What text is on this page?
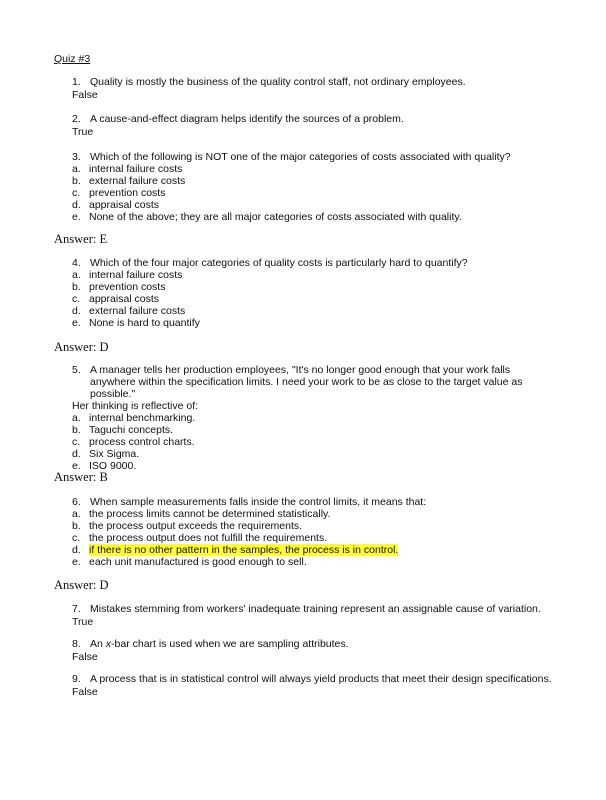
Quiz #3
1. Quality is mostly the business of the quality control staff, not ordinary employees.
False
2. A cause-and-effect diagram helps identify the sources of a problem.
True
3. Which of the following is NOT one of the major categories of costs associated with quality?
a. internal failure costs
b. external failure costs
c. prevention costs
d. appraisal costs
e. None of the above; they are all major categories of costs associated with quality.
Answer: E
4. Which of the four major categories of quality costs is particularly hard to quantify?
a. internal failure costs
b. prevention costs
c. appraisal costs
d. external failure costs
e. None is hard to quantify
Answer: D
5. A manager tells her production employees, "It's no longer good enough that your work falls anywhere within the specification limits. I need your work to be as close to the target value as possible."
Her thinking is reflective of:
a. internal benchmarking.
b. Taguchi concepts.
c. process control charts.
d. Six Sigma.
e. ISO 9000.
Answer: B
6. When sample measurements falls inside the control limits, it means that:
a. the process limits cannot be determined statistically.
b. the process output exceeds the requirements.
c. the process output does not fulfill the requirements.
d. if there is no other pattern in the samples, the process is in control.
e. each unit manufactured is good enough to sell.
Answer: D
7. Mistakes stemming from workers' inadequate training represent an assignable cause of variation.
True
8. An x-bar chart is used when we are sampling attributes.
False
9. A process that is in statistical control will always yield products that meet their design specifications.
False
